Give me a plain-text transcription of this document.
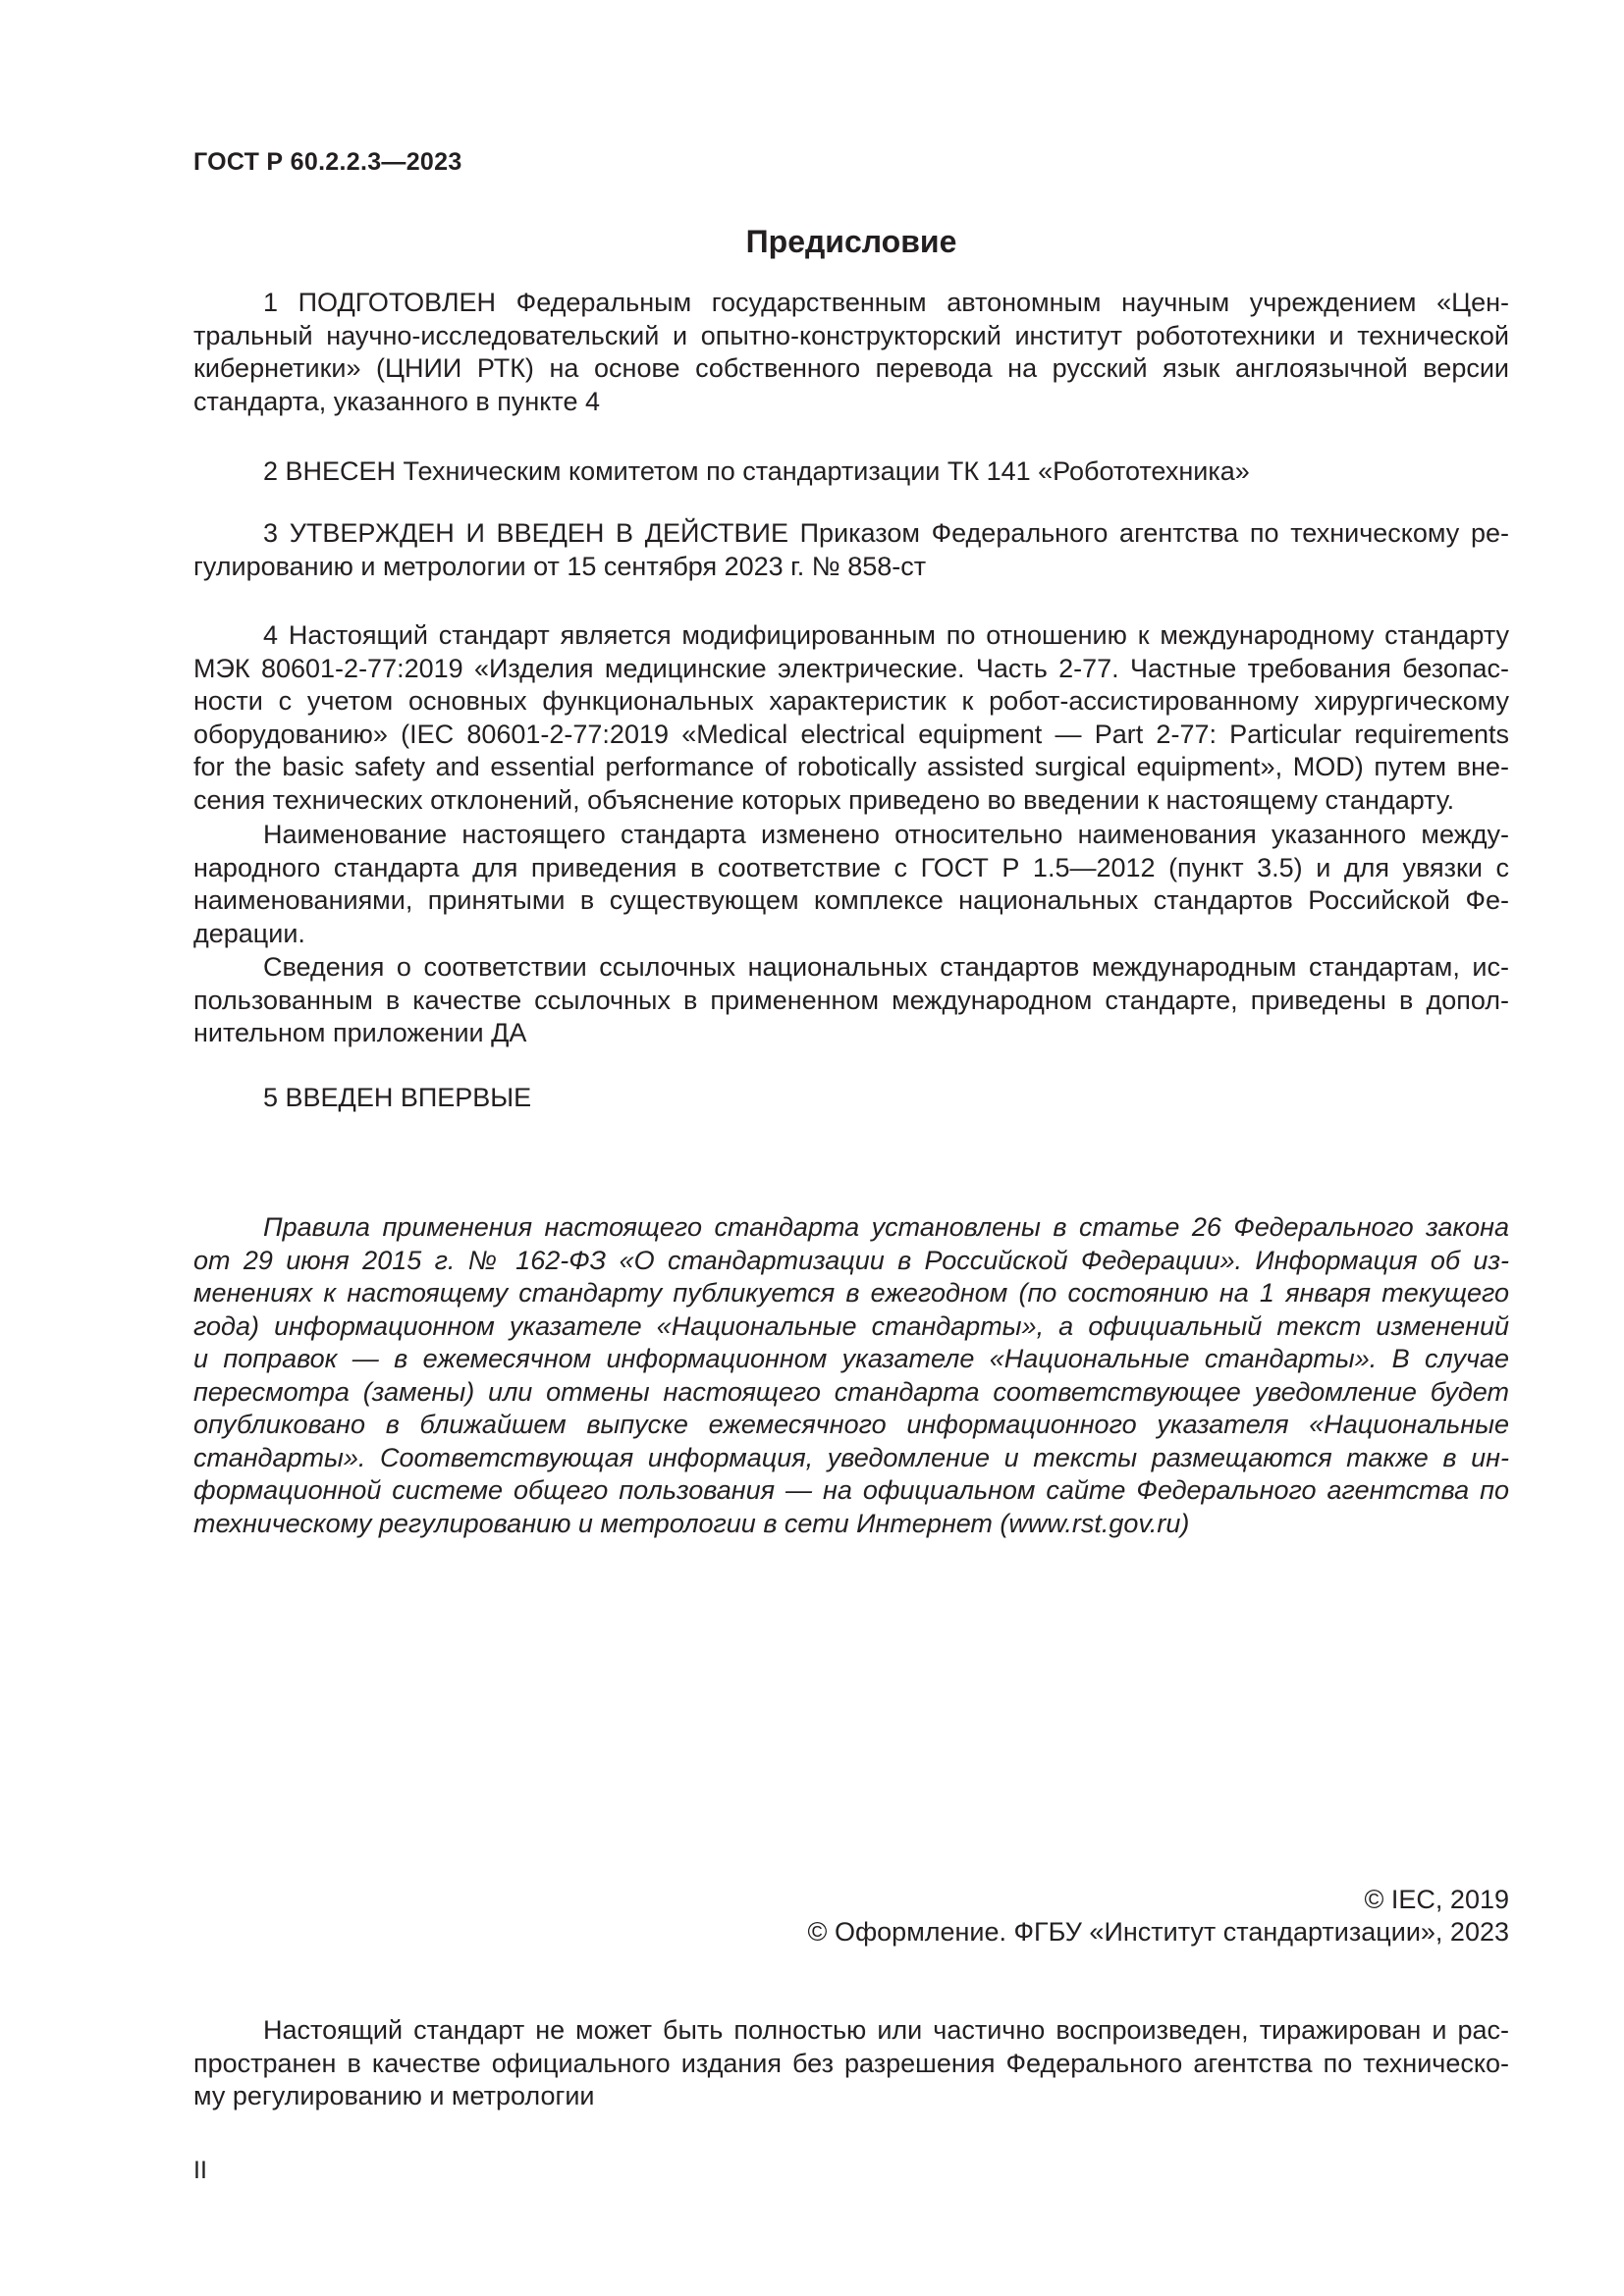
ГОСТ Р 60.2.2.3—2023
Предисловие
1 ПОДГОТОВЛЕН Федеральным государственным автономным научным учреждением «Цен-
тральный научно-исследовательский и опытно-конструкторский институт робототехники и технической
кибернетики» (ЦНИИ РТК) на основе собственного перевода на русский язык англоязычной версии
стандарта, указанного в пункте 4
2 ВНЕСЕН Техническим комитетом по стандартизации ТК 141 «Робототехника»
3 УТВЕРЖДЕН И ВВЕДЕН В ДЕЙСТВИЕ Приказом Федерального агентства по техническому ре-
гулированию и метрологии от 15 сентября 2023 г. № 858-ст
4 Настоящий стандарт является модифицированным по отношению к международному стандарту
МЭК 80601-2-77:2019 «Изделия медицинские электрические. Часть 2-77. Частные требования безопас-
ности с учетом основных функциональных характеристик к робот-ассистированному хирургическому
оборудованию» (IEC 80601-2-77:2019 «Medical electrical equipment — Part 2-77: Particular requirements
for the basic safety and essential performance of robotically assisted surgical equipment», MOD) путем вне-
сения технических отклонений, объяснение которых приведено во введении к настоящему стандарту.
Наименование настоящего стандарта изменено относительно наименования указанного между-
народного стандарта для приведения в соответствие с ГОСТ Р 1.5—2012 (пункт 3.5) и для увязки с
наименованиями, принятыми в существующем комплексе национальных стандартов Российской Фе-
дерации.
Сведения о соответствии ссылочных национальных стандартов международным стандартам, ис-
пользованным в качестве ссылочных в примененном международном стандарте, приведены в допол-
нительном приложении ДА
5 ВВЕДЕН ВПЕРВЫЕ
Правила применения настоящего стандарта установлены в статье 26 Федерального закона
от 29 июня 2015 г. № 162-ФЗ «О стандартизации в Российской Федерации». Информация об из-
менениях к настоящему стандарту публикуется в ежегодном (по состоянию на 1 января текущего
года) информационном указателе «Национальные стандарты», а официальный текст изменений
и поправок — в ежемесячном информационном указателе «Национальные стандарты». В случае
пересмотра (замены) или отмены настоящего стандарта соответствующее уведомление будет
опубликовано в ближайшем выпуске ежемесячного информационного указателя «Национальные
стандарты». Соответствующая информация, уведомление и тексты размещаются также в ин-
формационной системе общего пользования — на официальном сайте Федерального агентства по
техническому регулированию и метрологии в сети Интернет (www.rst.gov.ru)
© IEC, 2019
© Оформление. ФГБУ «Институт стандартизации», 2023
Настоящий стандарт не может быть полностью или частично воспроизведен, тиражирован и рас-
пространен в качестве официального издания без разрешения Федерального агентства по техническо-
му регулированию и метрологии
II
